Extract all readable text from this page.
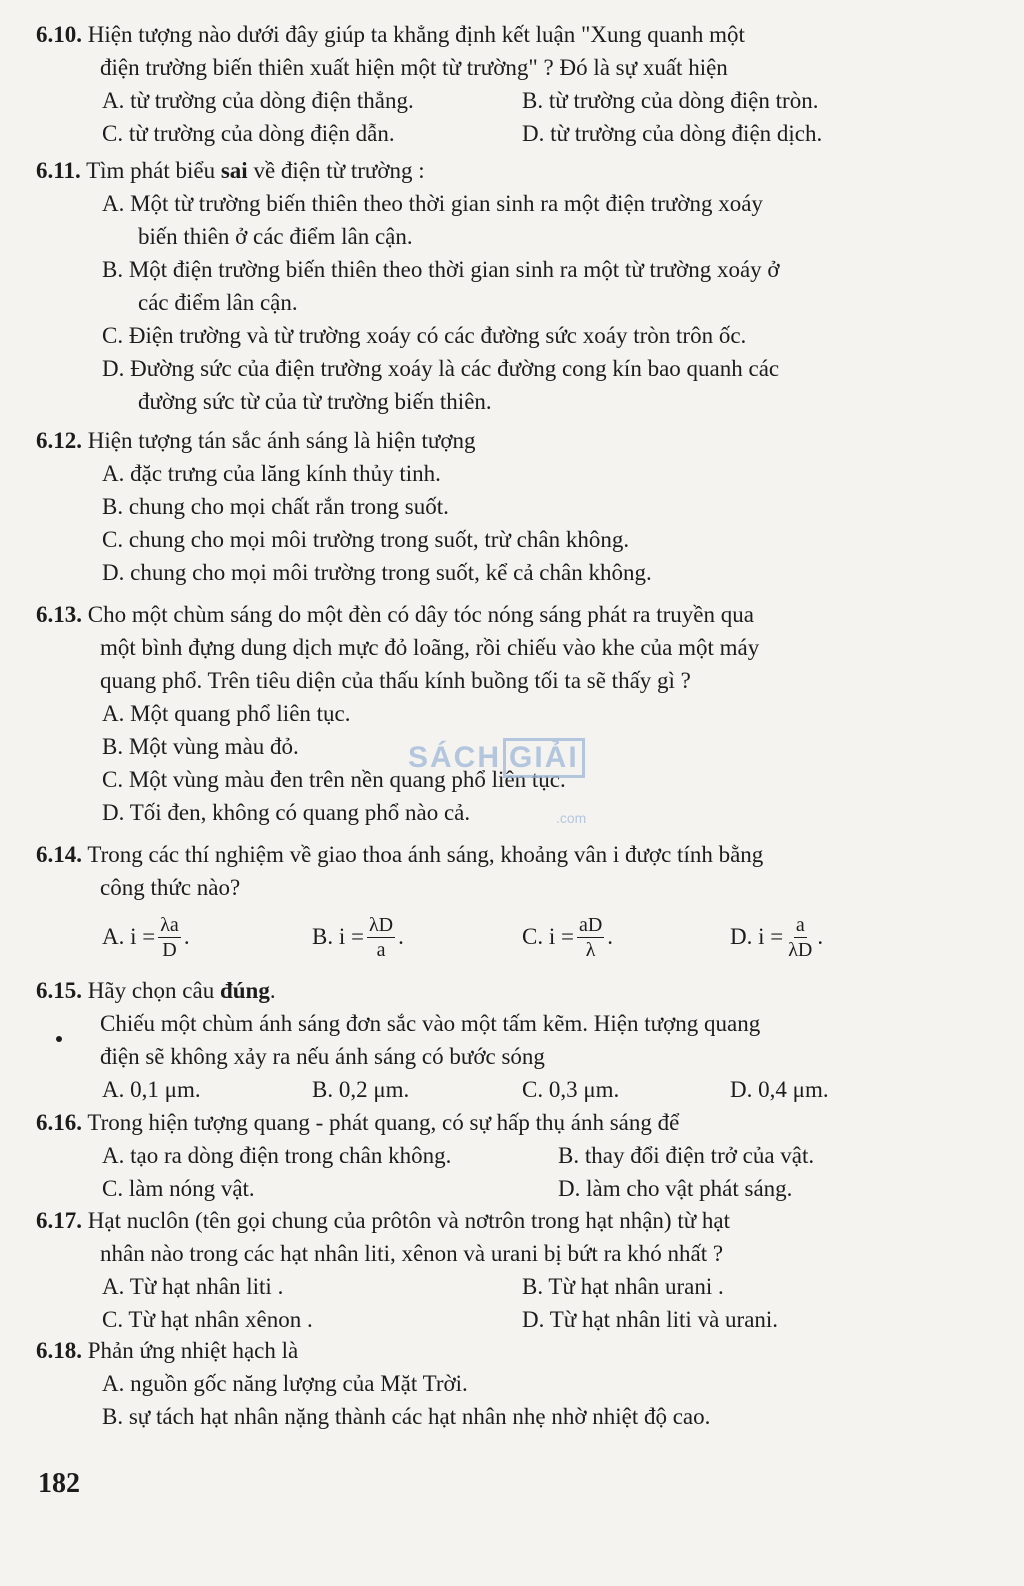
6.10. Hiện tượng nào dưới đây giúp ta khẳng định kết luận "Xung quanh một
điện trường biến thiên xuất hiện một từ trường" ? Đó là sự xuất hiện
A. từ trường của dòng điện thẳng.	B. từ trường của dòng điện tròn.
C. từ trường của dòng điện dẫn.	D. từ trường của dòng điện dịch.
6.11. Tìm phát biểu sai về điện từ trường :
A. Một từ trường biến thiên theo thời gian sinh ra một điện trường xoáy
biến thiên ở các điểm lân cận.
B. Một điện trường biến thiên theo thời gian sinh ra một từ trường xoáy ở
các điểm lân cận.
C. Điện trường và từ trường xoáy có các đường sức xoáy tròn trôn ốc.
D. Đường sức của điện trường xoáy là các đường cong kín bao quanh các
đường sức từ của từ trường biến thiên.
6.12. Hiện tượng tán sắc ánh sáng là hiện tượng
A. đặc trưng của lăng kính thủy tinh.
B. chung cho mọi chất rắn trong suốt.
C. chung cho mọi môi trường trong suốt, trừ chân không.
D. chung cho mọi môi trường trong suốt, kể cả chân không.
6.13. Cho một chùm sáng do một đèn có dây tóc nóng sáng phát ra truyền qua
một bình đựng dung dịch mực đỏ loãng, rồi chiếu vào khe của một máy
quang phổ. Trên tiêu diện của thấu kính buồng tối ta sẽ thấy gì ?
A. Một quang phổ liên tục.
B. Một vùng màu đỏ.
C. Một vùng màu đen trên nền quang phổ liên tục.
D. Tối đen, không có quang phổ nào cả.
6.14. Trong các thí nghiệm về giao thoa ánh sáng, khoảng vân i được tính bằng
công thức nào?
A. $i = \frac{\lambda a}{D}$ .	B. $i = \frac{\lambda D}{a}$ .	C. $i = \frac{aD}{\lambda}$ .	D. $i = \frac{a}{\lambda D}$ .
6.15. Hãy chọn câu đúng.
Chiếu một chùm ánh sáng đơn sắc vào một tấm kẽm. Hiện tượng quang
điện sẽ không xảy ra nếu ánh sáng có bước sóng
A. 0,1 μm.	B. 0,2 μm.	C. 0,3 μm.	D. 0,4 μm.
6.16. Trong hiện tượng quang - phát quang, có sự hấp thụ ánh sáng để
A. tạo ra dòng điện trong chân không.	B. thay đổi điện trở của vật.
C. làm nóng vật.	D. làm cho vật phát sáng.
6.17. Hạt nuclôn (tên gọi chung của prôtôn và nơtrôn trong hạt nhận) từ hạt
nhân nào trong các hạt nhân liti, xênon và urani bị bứt ra khó nhất ?
A. Từ hạt nhân liti .	B. Từ hạt nhân urani .
C. Từ hạt nhân xênon .	D. Từ hạt nhân liti và urani.
6.18. Phản ứng nhiệt hạch là
A. nguồn gốc năng lượng của Mặt Trời.
B. sự tách hạt nhân nặng thành các hạt nhân nhẹ nhờ nhiệt độ cao.
SÁCH GIẢI
.com
182
